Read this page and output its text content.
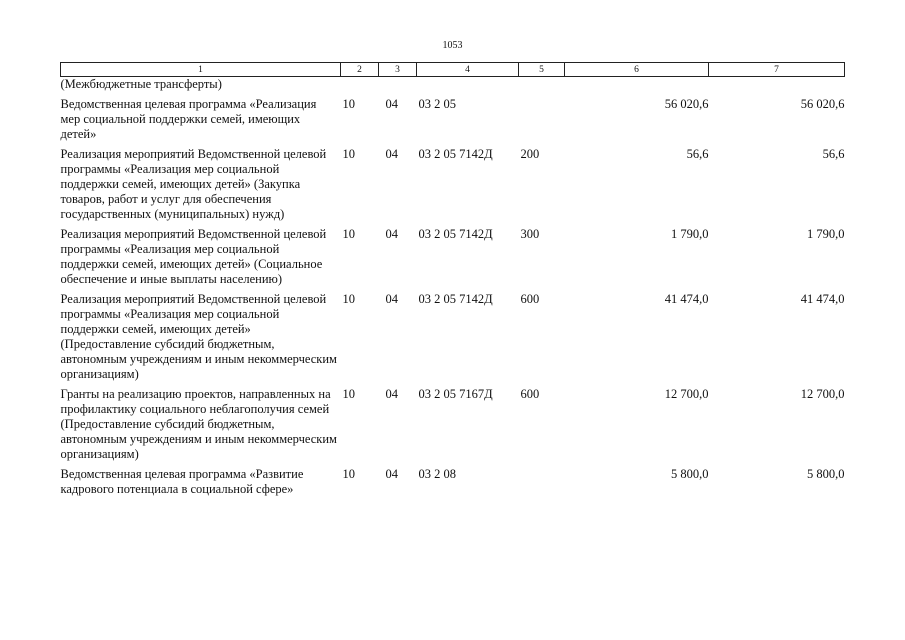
1053
1	2	3	4	5	6	7
(Межбюджетные трансферты)						
Ведомственная целевая программа «Реализация мер социальной поддержки семей, имеющих детей»	10	04	03 2 05		56 020,6	56 020,6
Реализация мероприятий Ведомственной целевой программы «Реализация мер социальной поддержки семей, имеющих детей» (Закупка товаров, работ и услуг для обеспечения государственных (муниципальных) нужд)	10	04	03 2 05 7142Д	200	56,6	56,6
Реализация мероприятий Ведомственной целевой программы «Реализация мер социальной поддержки семей, имеющих детей» (Социальное обеспечение и иные выплаты населению)	10	04	03 2 05 7142Д	300	1 790,0	1 790,0
Реализация мероприятий Ведомственной целевой программы «Реализация мер социальной поддержки семей, имеющих детей» (Предоставление субсидий бюджетным, автономным учреждениям и иным некоммерческим организациям)	10	04	03 2 05 7142Д	600	41 474,0	41 474,0
Гранты на реализацию проектов, направленных на профилактику социального неблагополучия семей (Предоставление субсидий бюджетным, автономным учреждениям и иным некоммерческим организациям)	10	04	03 2 05 7167Д	600	12 700,0	12 700,0
Ведомственная целевая программа «Развитие кадрового потенциала в социальной сфере»	10	04	03 2 08		5 800,0	5 800,0
